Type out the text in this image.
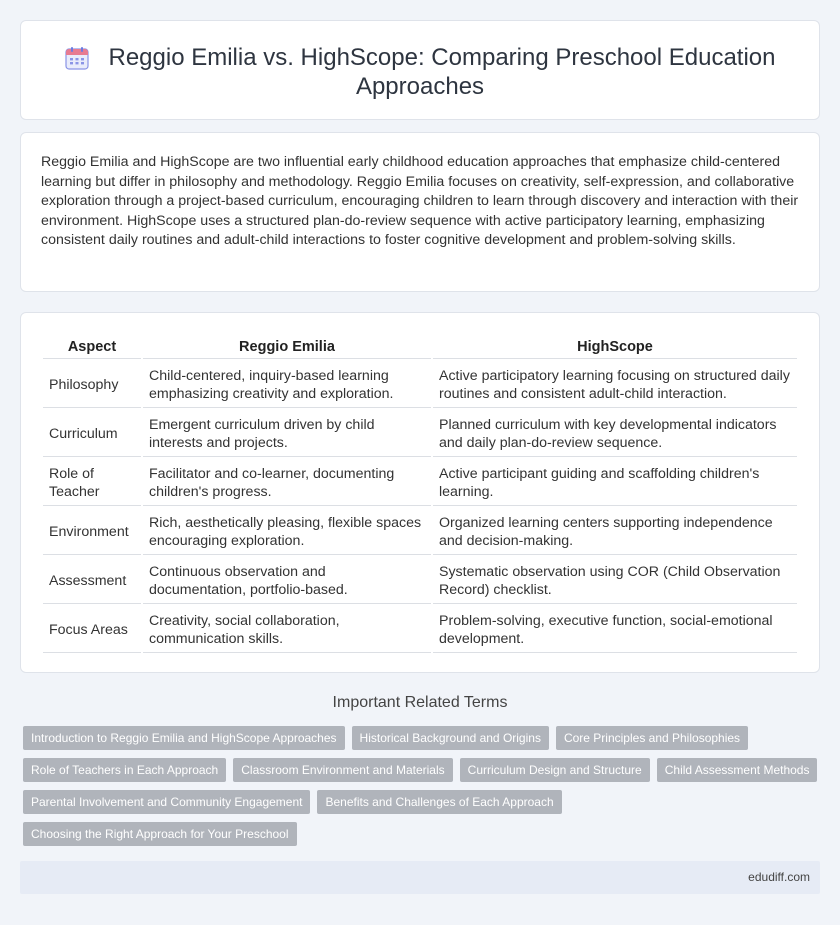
Reggio Emilia vs. HighScope: Comparing Preschool Education
Approaches

Reggio Emilia and HighScope are two influential early childhood education approaches that emphasize child-centered learning but differ in philosophy and methodology. Reggio Emilia focuses on creativity, self-expression, and collaborative exploration through a project-based curriculum, encouraging children to learn through discovery and interaction with their environment. HighScope uses a structured plan-do-review sequence with active participatory learning, emphasizing consistent daily routines and adult-child interactions to foster cognitive development and problem-solving skills.

Aspect	Reggio Emilia	HighScope
Philosophy	Child-centered, inquiry-based learning emphasizing creativity and exploration.	Active participatory learning focusing on structured daily routines and consistent adult-child interaction.
Curriculum	Emergent curriculum driven by child interests and projects.	Planned curriculum with key developmental indicators and daily plan-do-review sequence.
Role of Teacher	Facilitator and co-learner, documenting children's progress.	Active participant guiding and scaffolding children's learning.
Environment	Rich, aesthetically pleasing, flexible spaces encouraging exploration.	Organized learning centers supporting independence and decision-making.
Assessment	Continuous observation and documentation, portfolio-based.	Systematic observation using COR (Child Observation Record) checklist.
Focus Areas	Creativity, social collaboration, communication skills.	Problem-solving, executive function, social-emotional development.
Important Related Terms
Introduction to Reggio Emilia and HighScope Approaches	Historical Background and Origins	Core Principles and Philosophies
Role of Teachers in Each Approach	Classroom Environment and Materials	Curriculum Design and Structure	Child Assessment Methods
Parental Involvement and Community Engagement	Benefits and Challenges of Each Approach
Choosing the Right Approach for Your Preschool
edudiff.com
